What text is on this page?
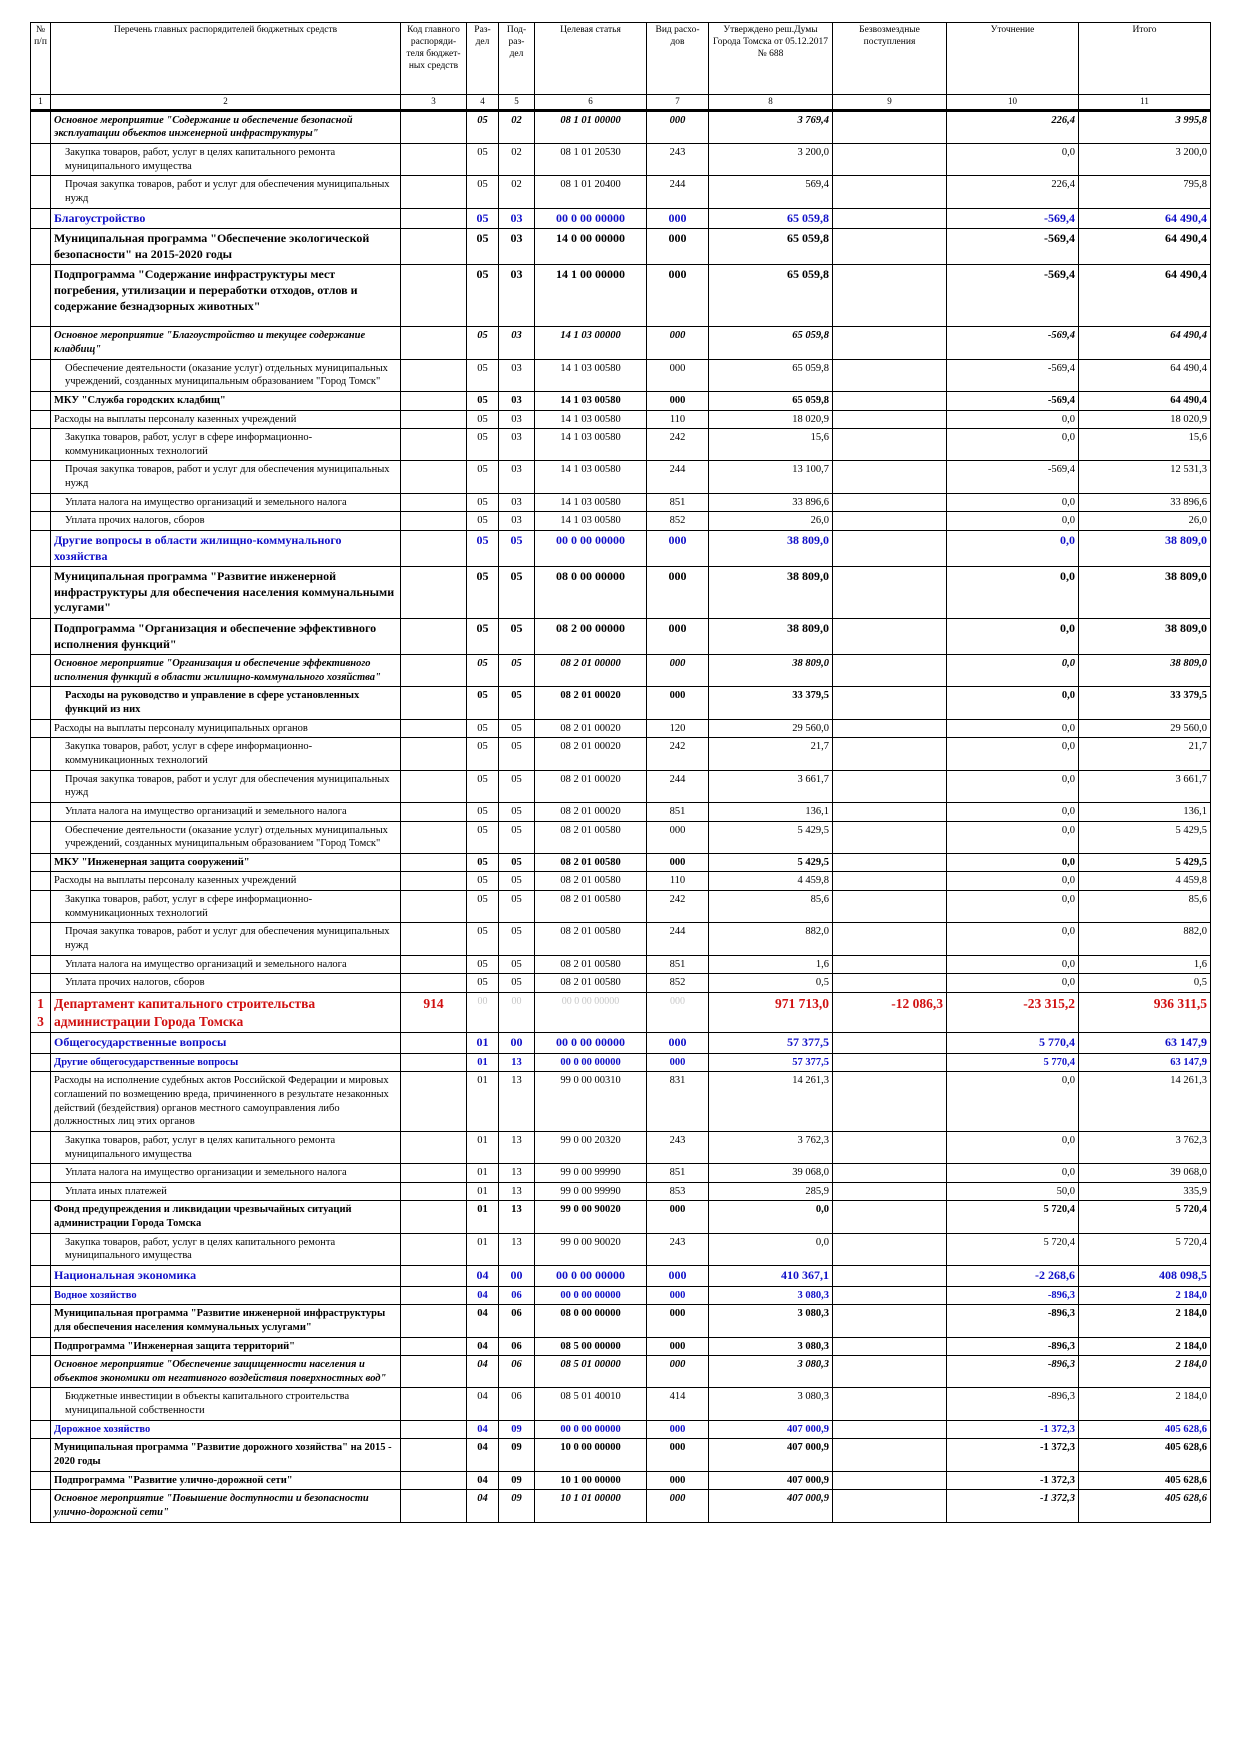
№ п/п	Перечень главных распорядителей бюджетных средств	Код главного распоряди-теля бюджет-ных средств	Раз-дел	Под-раз-дел	Целевая статья	Вид расхо-дов	Утверждено реш.Думы Города Томска от 05.12.2017 № 688	Безвозмездные поступления	Уточнение	Итого
1	2	3	4	5	6	7	8	9	10	11
	Основное мероприятие "Содержание и обеспечение безопасной эксплуатации объектов инженерной инфраструктуры"		05	02	08 1 01 00000	000	3 769,4		226,4	3 995,8
	Закупка товаров, работ, услуг в целях капитального ремонта муниципального имущества		05	02	08 1 01 20530	243	3 200,0		0,0	3 200,0
	Прочая закупка товаров, работ и услуг для обеспечения муниципальных нужд		05	02	08 1 01 20400	244	569,4		226,4	795,8
	Благоустройство		05	03	00 0 00 00000	000	65 059,8		-569,4	64 490,4
	Муниципальная программа "Обеспечение экологической безопасности" на 2015-2020 годы		05	03	14 0 00 00000	000	65 059,8		-569,4	64 490,4
	Подпрограмма "Содержание инфраструктуры мест погребения, утилизации и переработки отходов, отлов и содержание безнадзорных животных"		05	03	14 1 00 00000	000	65 059,8		-569,4	64 490,4
	Основное мероприятие "Благоустройство и текущее содержание кладбищ"		05	03	14 1 03 00000	000	65 059,8		-569,4	64 490,4
	Обеспечение деятельности (оказание услуг) отдельных муниципальных учреждений, созданных муниципальным образованием "Город Томск"		05	03	14 1 03 00580	000	65 059,8		-569,4	64 490,4
	МКУ "Служба городских кладбищ"		05	03	14 1 03 00580	000	65 059,8		-569,4	64 490,4
	Расходы на выплаты персоналу казенных учреждений		05	03	14 1 03 00580	110	18 020,9		0,0	18 020,9
	Закупка товаров, работ, услуг в сфере информационно-коммуникационных технологий		05	03	14 1 03 00580	242	15,6		0,0	15,6
	Прочая закупка товаров, работ и услуг для обеспечения муниципальных нужд		05	03	14 1 03 00580	244	13 100,7		-569,4	12 531,3
	Уплата налога на имущество организаций и земельного налога		05	03	14 1 03 00580	851	33 896,6		0,0	33 896,6
	Уплата прочих налогов, сборов		05	03	14 1 03 00580	852	26,0		0,0	26,0
	Другие вопросы в области жилищно-коммунального хозяйства		05	05	00 0 00 00000	000	38 809,0		0,0	38 809,0
	Муниципальная программа "Развитие инженерной инфраструктуры для обеспечения населения коммунальными услугами"		05	05	08 0 00 00000	000	38 809,0		0,0	38 809,0
	Подпрограмма "Организация и обеспечение эффективного исполнения функций"		05	05	08 2 00 00000	000	38 809,0		0,0	38 809,0
	Основное мероприятие "Организация и обеспечение эффективного исполнения функций в области жилищно-коммунального хозяйства"		05	05	08 2 01 00000	000	38 809,0		0,0	38 809,0
	Расходы на руководство и управление в сфере установленных функций из них		05	05	08 2 01 00020	000	33 379,5		0,0	33 379,5
	Расходы на выплаты персоналу муниципальных органов		05	05	08 2 01 00020	120	29 560,0		0,0	29 560,0
	Закупка товаров, работ, услуг в сфере информационно-коммуникационных технологий		05	05	08 2 01 00020	242	21,7		0,0	21,7
	Прочая закупка товаров, работ и услуг для обеспечения муниципальных нужд		05	05	08 2 01 00020	244	3 661,7		0,0	3 661,7
	Уплата налога на имущество организаций и земельного налога		05	05	08 2 01 00020	851	136,1		0,0	136,1
	Обеспечение деятельности (оказание услуг) отдельных муниципальных учреждений, созданных муниципальным образованием "Город Томск"		05	05	08 2 01 00580	000	5 429,5		0,0	5 429,5
	МКУ "Инженерная защита сооружений"		05	05	08 2 01 00580	000	5 429,5		0,0	5 429,5
	Расходы на выплаты персоналу казенных учреждений		05	05	08 2 01 00580	110	4 459,8		0,0	4 459,8
	Закупка товаров, работ, услуг в сфере информационно-коммуникационных технологий		05	05	08 2 01 00580	242	85,6		0,0	85,6
	Прочая закупка товаров, работ и услуг для обеспечения муниципальных нужд		05	05	08 2 01 00580	244	882,0		0,0	882,0
	Уплата налога на имущество организаций и земельного налога		05	05	08 2 01 00580	851	1,6		0,0	1,6
	Уплата прочих налогов, сборов		05	05	08 2 01 00580	852	0,5		0,0	0,5
13	Департамент капитального строительства администрации Города Томска	914	00	00	00 0 00 00000	000	971 713,0	-12 086,3	-23 315,2	936 311,5
	Общегосударственные вопросы		01	00	00 0 00 00000	000	57 377,5		5 770,4	63 147,9
	Другие общегосударственные вопросы		01	13	00 0 00 00000	000	57 377,5		5 770,4	63 147,9
	Расходы на исполнение судебных актов Российской Федерации и мировых соглашений по возмещению вреда, причиненного в результате незаконных действий (бездействия) органов местного самоуправления либо должностных лиц этих органов		01	13	99 0 00 00310	831	14 261,3		0,0	14 261,3
	Закупка товаров, работ, услуг в целях капитального ремонта муниципального имущества		01	13	99 0 00 20320	243	3 762,3		0,0	3 762,3
	Уплата налога на имущество организации и земельного налога		01	13	99 0 00 99990	851	39 068,0		0,0	39 068,0
	Уплата иных платежей		01	13	99 0 00 99990	853	285,9		50,0	335,9
	Фонд предупреждения и ликвидации чрезвычайных ситуаций администрации Города Томска		01	13	99 0 00 90020	000	0,0		5 720,4	5 720,4
	Закупка товаров, работ, услуг в целях капитального ремонта муниципального имущества		01	13	99 0 00 90020	243	0,0		5 720,4	5 720,4
	Национальная экономика		04	00	00 0 00 00000	000	410 367,1		-2 268,6	408 098,5
	Водное хозяйство		04	06	00 0 00 00000	000	3 080,3		-896,3	2 184,0
	Муниципальная программа "Развитие инженерной инфраструктуры для обеспечения населения коммунальных услугами"		04	06	08 0 00 00000	000	3 080,3		-896,3	2 184,0
	Подпрограмма "Инженерная защита территорий"		04	06	08 5 00 00000	000	3 080,3		-896,3	2 184,0
	Основное мероприятие "Обеспечение защищенности населения и объектов экономики от негативного воздействия поверхностных вод"		04	06	08 5 01 00000	000	3 080,3		-896,3	2 184,0
	Бюджетные инвестиции в объекты капитального строительства муниципальной собственности		04	06	08 5 01 40010	414	3 080,3		-896,3	2 184,0
	Дорожное хозяйство		04	09	00 0 00 00000	000	407 000,9		-1 372,3	405 628,6
	Муниципальная программа "Развитие дорожного хозяйства" на 2015 - 2020 годы		04	09	10 0 00 00000	000	407 000,9		-1 372,3	405 628,6
	Подпрограмма "Развитие улично-дорожной сети"		04	09	10 1 00 00000	000	407 000,9		-1 372,3	405 628,6
	Основное мероприятие "Повышение доступности и безопасности улично-дорожной сети"		04	09	10 1 01 00000	000	407 000,9		-1 372,3	405 628,6
